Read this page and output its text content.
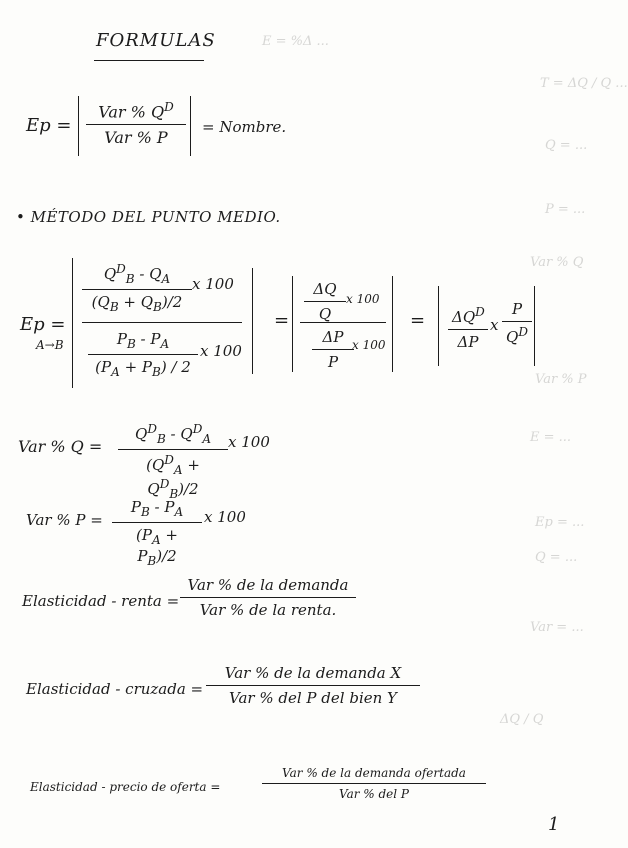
E = %Δ ...
T = ΔQ / Q ...
Q = ...
P = ...
Var % Q
Var % P
E = ...
Ep = ...
Q = ...
Var = ...
ΔQ / Q
FORMULAS
Ep =
Var % $Q^D$
Var % P
= Nombre.
• MÉTODO DEL PUNTO MEDIO.
Ep =
A→B
$Q^D_B - Q_A$
$(Q_B + Q_B)/2$
x 100
$P_B - P_A$
$(P_A + P_B) / 2$
x 100
=
ΔQ
Q
x 100
ΔP
P
x 100
= $\Delta Q^D$
ΔP
x
P
$Q^D$
Var % Q =
$Q^D_B - Q^D_A$
$(Q^D_A + Q^D_B)/2$
x 100
Var % P =
$P_B - P_A$
$(P_A + P_B)/2$
x 100
Elasticidad - renta =
Var % de la demanda
Var % de la renta.
Elasticidad - cruzada =
Var % de la demanda X
Var % del P del bien Y
Elasticidad - precio de oferta =
Var % de la demanda ofertada
Var % del P
1
